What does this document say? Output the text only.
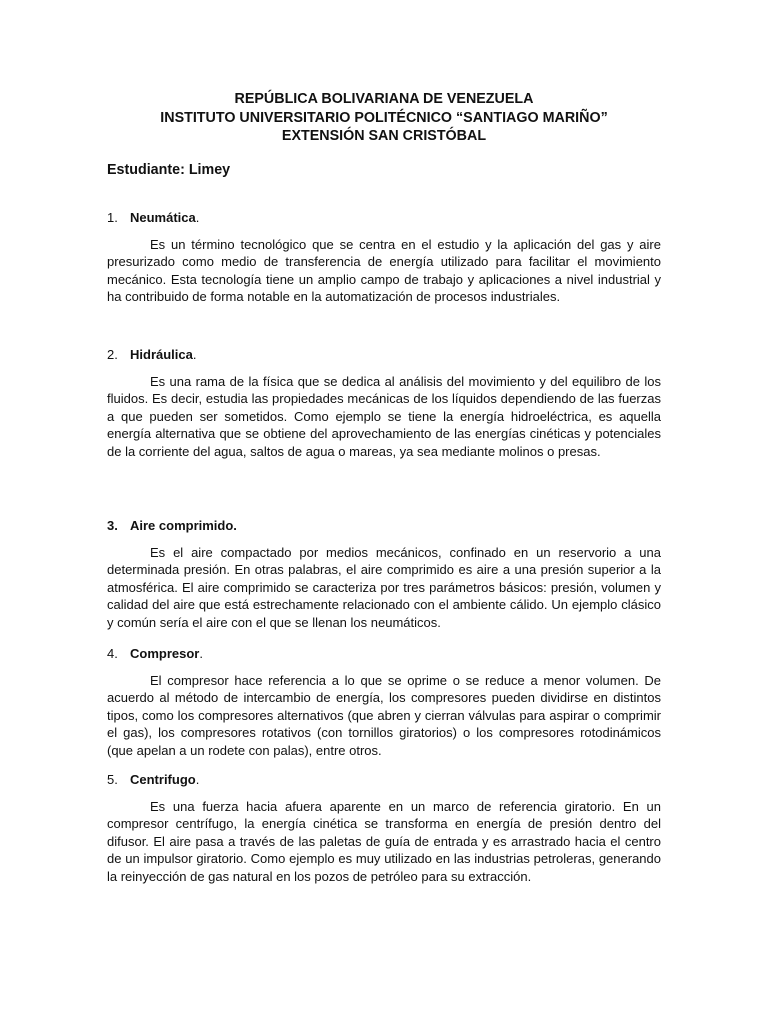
REPÚBLICA BOLIVARIANA DE VENEZUELA
INSTITUTO UNIVERSITARIO POLITÉCNICO “SANTIAGO MARIÑO”
EXTENSIÓN SAN CRISTÓBAL
Estudiante: Limey
1. Neumática.
Es un término tecnológico que se centra en el estudio y la aplicación del gas y aire presurizado como medio de transferencia de energía utilizado para facilitar el movimiento mecánico. Esta tecnología tiene un amplio campo de trabajo y aplicaciones a nivel industrial y ha contribuido de forma notable en la automatización de procesos industriales.
2. Hidráulica.
Es una rama de la física que se dedica al análisis del movimiento y del equilibro de los fluidos. Es decir, estudia las propiedades mecánicas de los líquidos dependiendo de las fuerzas a que pueden ser sometidos. Como ejemplo se tiene la energía hidroeléctrica, es aquella energía alternativa que se obtiene del aprovechamiento de las energías cinéticas y potenciales de la corriente del agua, saltos de agua o mareas, ya sea mediante molinos o presas.
3. Aire comprimido.
Es el aire compactado por medios mecánicos, confinado en un reservorio a una determinada presión. En otras palabras, el aire comprimido es aire a una presión superior a la atmosférica. El aire comprimido se caracteriza por tres parámetros básicos: presión, volumen y calidad del aire que está estrechamente relacionado con el ambiente cálido. Un ejemplo clásico y común sería el aire con el que se llenan los neumáticos.
4. Compresor.
El compresor hace referencia a lo que se oprime o se reduce a menor volumen. De acuerdo al método de intercambio de energía, los compresores pueden dividirse en distintos tipos, como los compresores alternativos (que abren y cierran válvulas para aspirar o comprimir el gas), los compresores rotativos (con tornillos giratorios) o los compresores rotodinámicos (que apelan a un rodete con palas), entre otros.
5. Centrifugo.
Es una fuerza hacia afuera aparente en un marco de referencia giratorio. En un compresor centrífugo, la energía cinética se transforma en energía de presión dentro del difusor. El aire pasa a través de las paletas de guía de entrada y es arrastrado hacia el centro de un impulsor giratorio. Como ejemplo es muy utilizado en las industrias petroleras, generando la reinyección de gas natural en los pozos de petróleo para su extracción.
